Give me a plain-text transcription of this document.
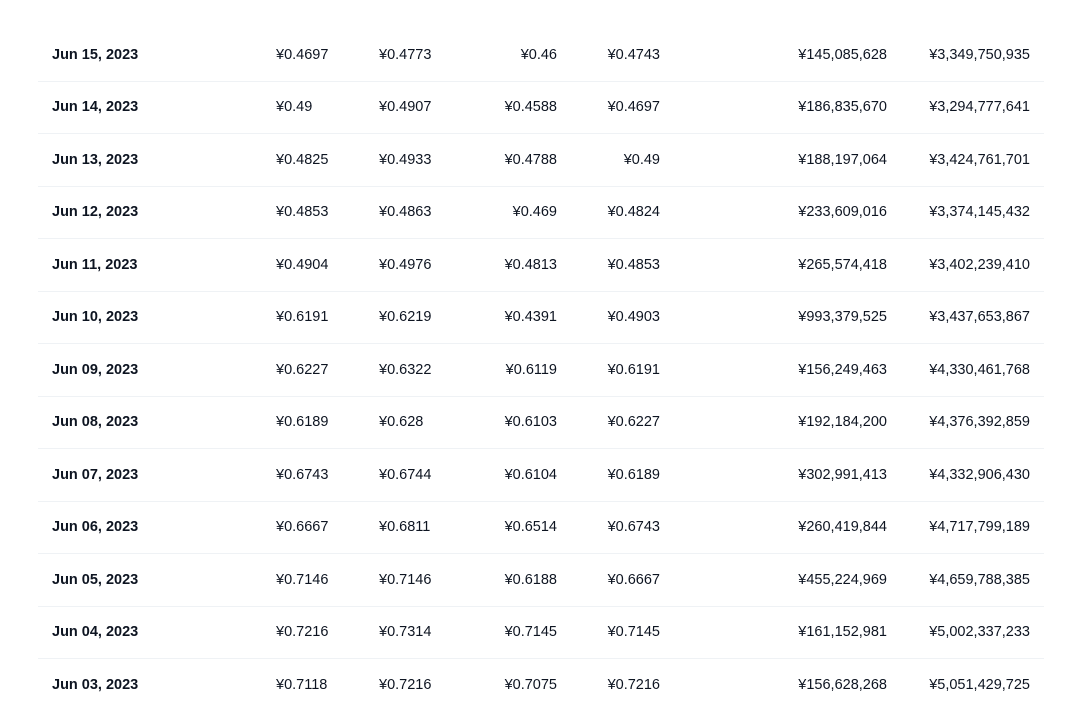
Jun 15, 2023	¥0.4697	¥0.4773	¥0.46	¥0.4743	¥145,085,628	¥3,349,750,935
Jun 14, 2023	¥0.49	¥0.4907	¥0.4588	¥0.4697	¥186,835,670	¥3,294,777,641
Jun 13, 2023	¥0.4825	¥0.4933	¥0.4788	¥0.49	¥188,197,064	¥3,424,761,701
Jun 12, 2023	¥0.4853	¥0.4863	¥0.469	¥0.4824	¥233,609,016	¥3,374,145,432
Jun 11, 2023	¥0.4904	¥0.4976	¥0.4813	¥0.4853	¥265,574,418	¥3,402,239,410
Jun 10, 2023	¥0.6191	¥0.6219	¥0.4391	¥0.4903	¥993,379,525	¥3,437,653,867
Jun 09, 2023	¥0.6227	¥0.6322	¥0.6119	¥0.6191	¥156,249,463	¥4,330,461,768
Jun 08, 2023	¥0.6189	¥0.628	¥0.6103	¥0.6227	¥192,184,200	¥4,376,392,859
Jun 07, 2023	¥0.6743	¥0.6744	¥0.6104	¥0.6189	¥302,991,413	¥4,332,906,430
Jun 06, 2023	¥0.6667	¥0.6811	¥0.6514	¥0.6743	¥260,419,844	¥4,717,799,189
Jun 05, 2023	¥0.7146	¥0.7146	¥0.6188	¥0.6667	¥455,224,969	¥4,659,788,385
Jun 04, 2023	¥0.7216	¥0.7314	¥0.7145	¥0.7145	¥161,152,981	¥5,002,337,233
Jun 03, 2023	¥0.7118	¥0.7216	¥0.7075	¥0.7216	¥156,628,268	¥5,051,429,725
